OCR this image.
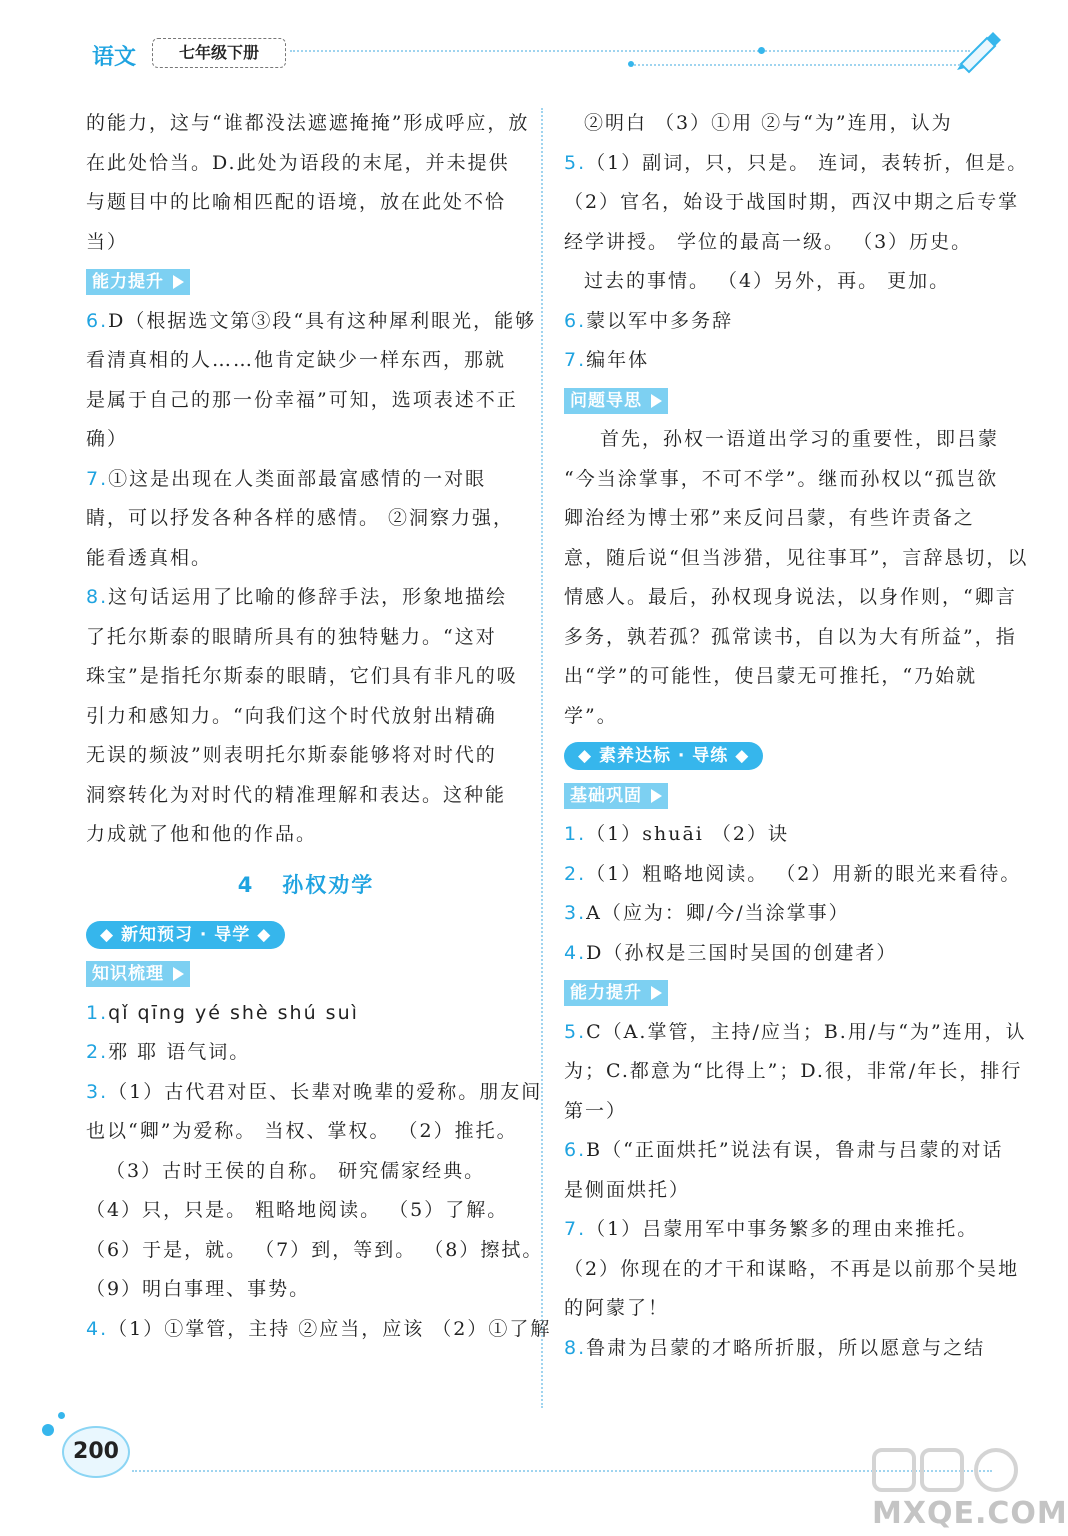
语文	七年级下册
的能力，这与“谁都没法遮遮掩掩”形成呼应，放
在此处恰当。D.此处为语段的末尾，并未提供
与题目中的比喻相匹配的语境，放在此处不恰
当）
能力提升
6.D（根据选文第③段“具有这种犀利眼光，能够
看清真相的人……他肯定缺少一样东西，那就
是属于自己的那一份幸福”可知，选项表述不正
确）
7.①这是出现在人类面部最富感情的一对眼
睛，可以抒发各种各样的感情。 ②洞察力强，
能看透真相。
8.这句话运用了比喻的修辞手法，形象地描绘
了托尔斯泰的眼睛所具有的独特魅力。“这对
珠宝”是指托尔斯泰的眼睛，它们具有非凡的吸
引力和感知力。“向我们这个时代放射出精确
无误的频波”则表明托尔斯泰能够将对时代的
洞察转化为对时代的精准理解和表达。这种能
力成就了他和他的作品。
4 孙权劝学
◆ 新知预习 · 导学 ◆
知识梳理
1.qǐ qīng yé shè shú suì
2.邪 耶 语气词。
3.（1）古代君对臣、长辈对晚辈的爱称。朋友间
也以“卿”为爱称。 当权、掌权。 （2）推托。
（3）古时王侯的自称。 研究儒家经典。
（4）只，只是。 粗略地阅读。 （5）了解。
（6）于是，就。 （7）到，等到。 （8）擦拭。
（9）明白事理、事势。
4.（1）①掌管，主持 ②应当，应该 （2）①了解
②明白 （3）①用 ②与“为”连用，认为
5.（1）副词，只，只是。 连词，表转折，但是。
（2）官名，始设于战国时期，西汉中期之后专掌
经学讲授。 学位的最高一级。 （3）历史。
过去的事情。 （4）另外，再。 更加。
6.蒙以军中多务辞
7.编年体
问题导思
首先，孙权一语道出学习的重要性，即吕蒙
“今当涂掌事，不可不学”。继而孙权以“孤岂欲
卿治经为博士邪”来反问吕蒙，有些许责备之
意，随后说“但当涉猎，见往事耳”，言辞恳切，以
情感人。最后，孙权现身说法，以身作则，“卿言
多务，孰若孤？孤常读书，自以为大有所益”，指
出“学”的可能性，使吕蒙无可推托，“乃始就
学”。
◆ 素养达标 · 导练 ◆
基础巩固
1.（1）shuāi （2）诀
2.（1）粗略地阅读。 （2）用新的眼光来看待。
3.A（应为：卿/今/当涂掌事）
4.D（孙权是三国时吴国的创建者）
能力提升
5.C（A.掌管，主持/应当；B.用/与“为”连用，认
为；C.都意为“比得上”；D.很，非常/年长，排行
第一）
6.B（“正面烘托”说法有误，鲁肃与吕蒙的对话
是侧面烘托）
7.（1）吕蒙用军中事务繁多的理由来推托。
（2）你现在的才干和谋略，不再是以前那个吴地
的阿蒙了！
8.鲁肃为吕蒙的才略所折服，所以愿意与之结
200
MXQE.COM
